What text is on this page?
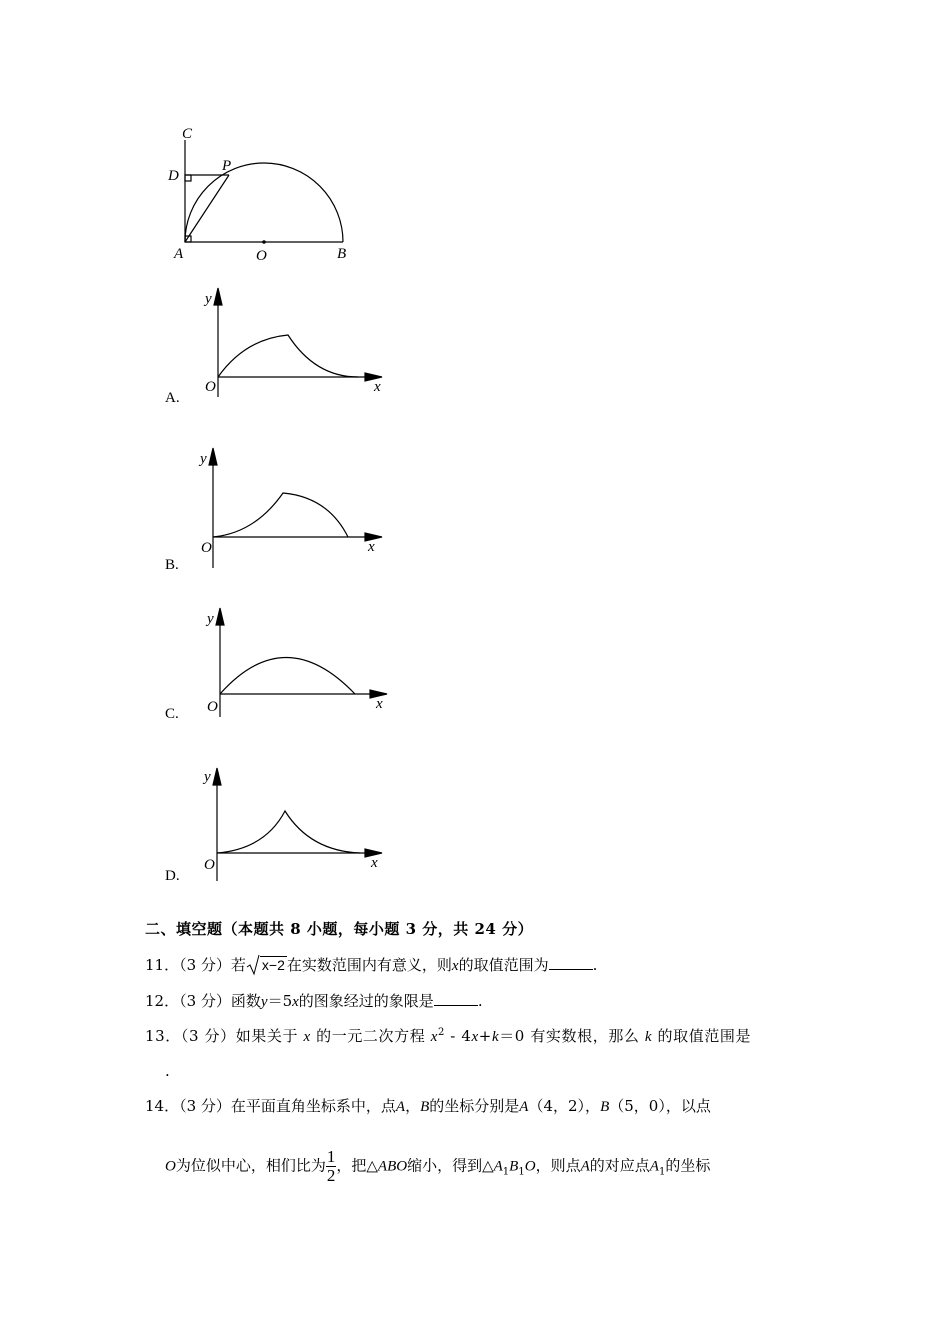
C
D
P
A	O	B
y
x
O
A.
y
x
O
B.
y
x
O
C.
y
x
O
D.
二、填空题（本题共 8 小题，每小题 3 分，共 24 分）
11．（3 分）若 x−2 在实数范围内有意义，则x的取值范围为	.
12．（3 分）函数y＝5x的图象经过的象限是	.
13．（3 分）如果关于 x 的一元二次方程 $x^2 - 4x+k=0$ 有实数根，那么 k 的取值范围是
.
14．（3 分）在平面直角坐标系中，点A，B的坐标分别是A（4，2），B（5，0），以点
O为位似中心，相们比为 $\frac{1}{2}$ ，把△ABO缩小，得到$\triangle A_1B_1O$，则点A的对应点$A_1$的坐标
